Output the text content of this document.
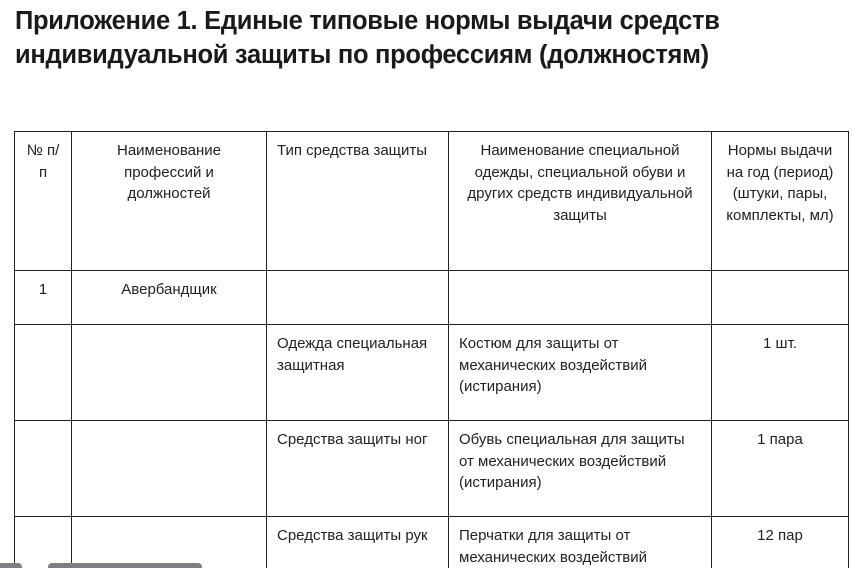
Приложение 1. Единые типовые нормы выдачи средств индивидуальной защиты по профессиям (должностям)
№ п/п	Наименование профессий и должностей	Тип средства защиты	Наименование специальной одежды, специальной обуви и других средств индивидуальной защиты	Нормы выдачи на год (период) (штуки, пары, комплекты, мл)
1	Авербандщик			
		Одежда специальная защитная	Костюм для защиты от механических воздействий (истирания)	1 шт.
		Средства защиты ног	Обувь специальная для защиты от механических воздействий (истирания)	1 пара
		Средства защиты рук	Перчатки для защиты от механических воздействий	12 пар
